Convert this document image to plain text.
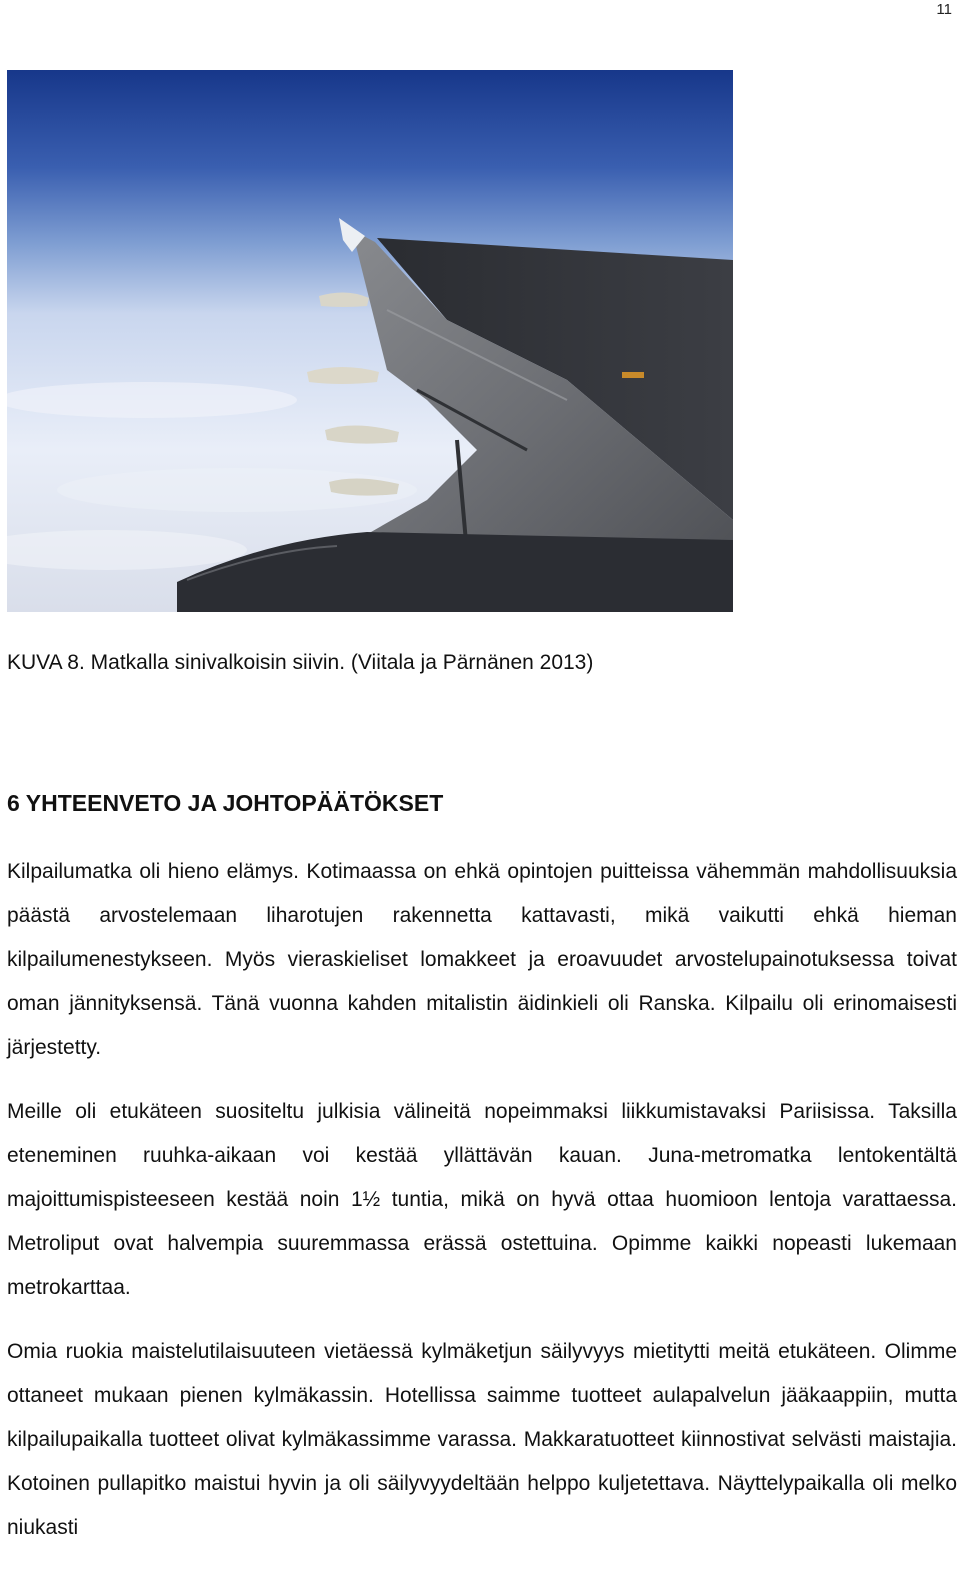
11
KUVA 8. Matkalla sinivalkoisin siivin. (Viitala ja Pärnänen 2013)
6 YHTEENVETO JA JOHTOPÄÄTÖKSET

Kilpailumatka oli hieno elämys. Kotimaassa on ehkä opintojen puitteissa vähemmän mahdollisuuksia päästä arvostelemaan liharotujen rakennetta kattavasti, mikä vaikutti ehkä hieman kilpailumenestykseen. Myös vieraskieliset lomakkeet ja eroavuudet arvostelupainotuksessa toivat oman jännityksensä. Tänä vuonna kahden mitalistin äidinkieli oli Ranska. Kilpailu oli erinomaisesti järjestetty.

Meille oli etukäteen suositeltu julkisia välineitä nopeimmaksi liikkumistavaksi Pariisissa. Taksilla eteneminen ruuhka-aikaan voi kestää yllättävän kauan. Juna-metromatka lentokentältä majoittumispisteeseen kestää noin 1½ tuntia, mikä on hyvä ottaa huomioon lentoja varattaessa. Metroliput ovat halvempia suuremmassa erässä ostettuina. Opimme kaikki nopeasti lukemaan metrokarttaa.

Omia ruokia maistelutilaisuuteen vietäessä kylmäketjun säilyvyys mietitytti meitä etukäteen. Olimme ottaneet mukaan pienen kylmäkassin. Hotellissa saimme tuotteet aulapalvelun jääkaappiin, mutta kilpailupaikalla tuotteet olivat kylmäkassimme varassa. Makkaratuotteet kiinnostivat selvästi maistajia. Kotoinen pullapitko maistui hyvin ja oli säilyvyydeltään helppo kuljetettava. Näyttelypaikalla oli melko niukasti
